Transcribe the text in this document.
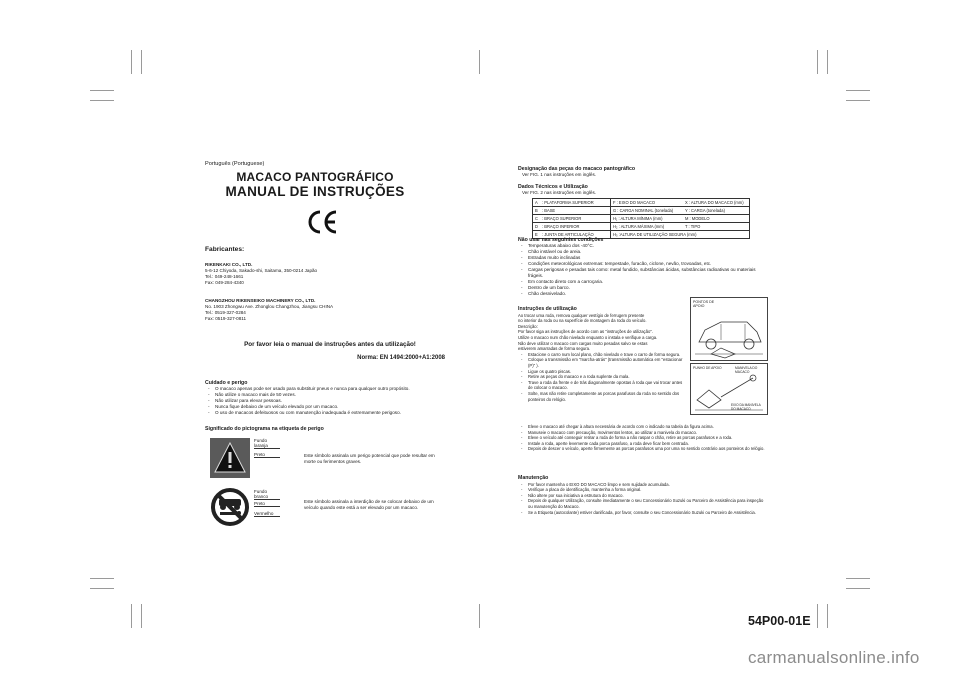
Português (Portuguese)
MACACO PANTOGRÁFICO
MANUAL DE INSTRUÇÕES
Fabricantes:
RIKENKAKI CO., LTD.
5-6-12 Chiyoda, Sakado-shi, Saitama, 350-0214 Japão
Tel.: 049-248-1661
Fax: 049-284-4340
CHANGZHOU RIKENSEIKO MACHINERY CO., LTD.
No. 1903 Zhongwu Ave. Zhonglou Changzhou, Jiangsu CHINA
Tel.: 0519-327-0284
Fax: 0519-327-0811
Por favor leia o manual de instruções antes da utilização!
Norma: EN 1494:2000+A1:2008
Cuidado e perigo
- O macaco apenas pode ser usado para substituir pneus e nunca para qualquer outro propósito.
- Não utilize o macaco mais de 50 vezes.
- Não utilizar para elevar pessoas.
- Nunca fique debaixo de um veículo elevado por um macaco.
- O uso de macacos defeituosos ou com manutenção inadequada é extremamente perigoso.
Significado do pictograma na etiqueta de perigo
Fundo laranja
Preto	Este símbolo assinala um perigo potencial que pode resultar em morte ou ferimentos graves.
Fundo branco
Preto
Vermelho
Este símbolo assinala a interdição de se colocar debaixo de um veículo quando este está a ser elevado por um macaco.
Designação das peças do macaco pantográfico
Ver FIG. 1 nas instruções em inglês.
Dados Técnicos e Utilização
Ver FIG. 2 nas instruções em inglês.
A	: PLATAFORMA SUPERIOR	F : EIXO DO MACACO	X : ALTURA DO MACACO (mm)
B	: BASE	G : CARGA NOMINAL (tonelada)	Y : CARGA (tonelada)
C	: BRAÇO SUPERIOR	H₁ : ALTURA MÍNIMA (mm)	M : MODELO
D	: BRAÇO INFERIOR	H₂ : ALTURA MÁXIMA (mm)	T : TIPO
E	: JUNTA DE ARTICULAÇÃO	H₃ :ALTURA DE UTILIZAÇÃO SEGURA (mm)	
Não usar nas seguintes condições
- Temperaturas abaixo dos -40°C.
- Chão instável ou de areia.
- Estradas muito inclinadas
- Condições meteorológicas extremas: tempestade, furacão, ciclone, nevão, trovoadas, etc.
- Cargas perigosas e pesadas tais como: metal fundido, substâncias ácidas, substâncias radioativas ou materiais frágeis.
- Em contacto direto com a carroçaria.
- Dentro de um barco.
- Chão desnivelado.
Instruções de utilização
Ao trocar uma roda, remova qualquer vestígio de ferrugem presente
no interior da roda ou na superfície de montagem da roda do veículo.
Descrição:
Por favor siga as instruções de acordo com as "instruções de utilização".
Utilize o macaco num chão nivelado enquanto o instala e verifique a carga.
Não deve utilizar o macaco com cargas muito pesadas salvo se estas
estiverem amarradas de forma segura.
- Estacione o carro num local plano, chão nivelado e trave o carro de forma segura.
- Coloque a transmissão em "marcha-atrás" (transmissão automática em "estacionar (P)" ).
- Ligue os quatro piscas.
- Retire as peças do macaco e a roda suplente da mala.
- Trave a roda da frente e de trás diagonalmente opostas à roda que vai trocar antes de colocar o macaco.
- Solte, mas não retire completamente as porcas parafusos da roda no sentido dos ponteiros do relógio.
- Eleve o macaco até chegar à altura necessária de acordo com o indicado na tabela da figura acima.
- Manuseie o macaco com precaução, movimentos lentos, ao utilizar a manivela do macaco.
- Eleve o veículo até conseguir retirar a roda de forma a não raspar o chão, retire as porcas parafusos e a roda.
- Instale a roda, aperte levemente cada porca parafuso, a roda deve ficar bem centrada.
- Depois de descer o veículo, aperte firmemente as porcas parafusos uma por uma no sentido contrário aos ponteiros do relógio.
PONTOS DE APOIO
PUNHO DE APOIO	MANIVELA DO MACACO
EIXO DA MANIVELA DO MACACO
Manutenção
- Por favor mantenha o EIXO DO MACACO limpo e sem sujidade acumulada.
- Verifique a placa de identificação, mantenha a forma original.
- Não altere por sua iniciativa a estrutura do macaco.
- Depois de qualquer Utilização, consulte imediatamente o seu Concessionário Suzuki ou Parceiro de Assistência para inspeção ou manutenção do Macaco.
- Se a Etiqueta (autocolante) estiver danificada, por favor, consulte o seu Concessionário Suzuki ou Parceiro de Assistência.
54P00-01E
carmanualsonline.info
